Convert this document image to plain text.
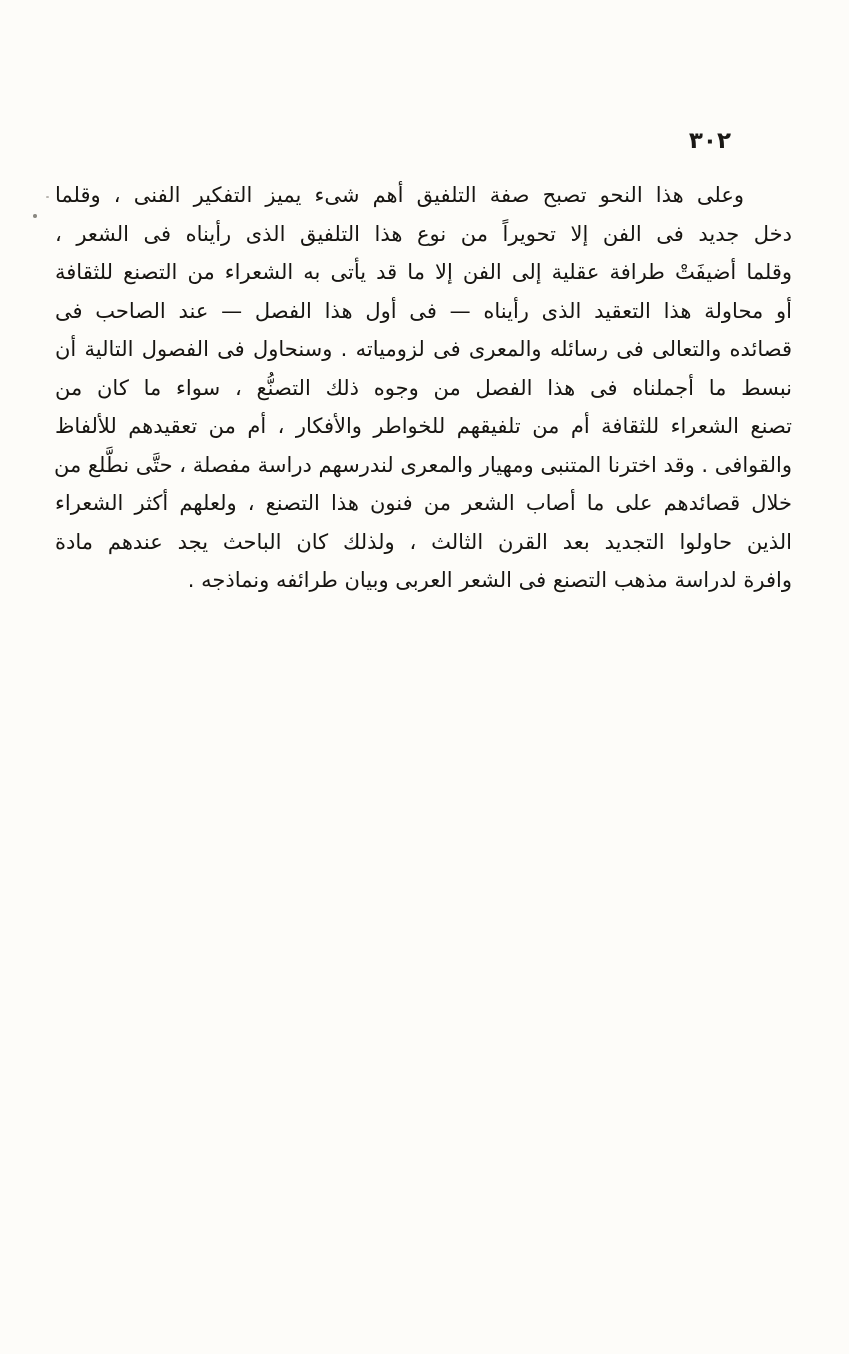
٣٠٢
وعلى هذا النحو تصبح صفة التلفيق أهم شىء يميز التفكير الفنى ، وقلما
دخل جديد فى الفن إلا تحويراً من نوع هذا التلفيق الذى رأيناه فى الشعر ،
وقلما أضيفَتْ طرافة عقلية إلى الفن إلا ما قد يأتى به الشعراء من التصنع للثقافة
أو محاولة هذا التعقيد الذى رأيناه — فى أول هذا الفصل — عند الصاحب فى
قصائده والتعالى فى رسائله والمعرى فى لزومياته . وسنحاول فى الفصول التالية أن
نبسط ما أجملناه فى هذا الفصل من وجوه ذلك التصنُّع ، سواء ما كان من
تصنع الشعراء للثقافة أم من تلفيقهم للخواطر والأفكار ، أم من تعقيدهم للألفاظ
والقوافى . وقد اخترنا المتنبى ومهيار والمعرى لندرسهم دراسة مفصلة ، حتَّى نطَّلع من
خلال قصائدهم على ما أصاب الشعر من فنون هذا التصنع ، ولعلهم أكثر الشعراء
الذين حاولوا التجديد بعد القرن الثالث ، ولذلك كان الباحث يجد عندهم مادة
وافرة لدراسة مذهب التصنع فى الشعر العربى وبيان طرائفه ونماذجه .
